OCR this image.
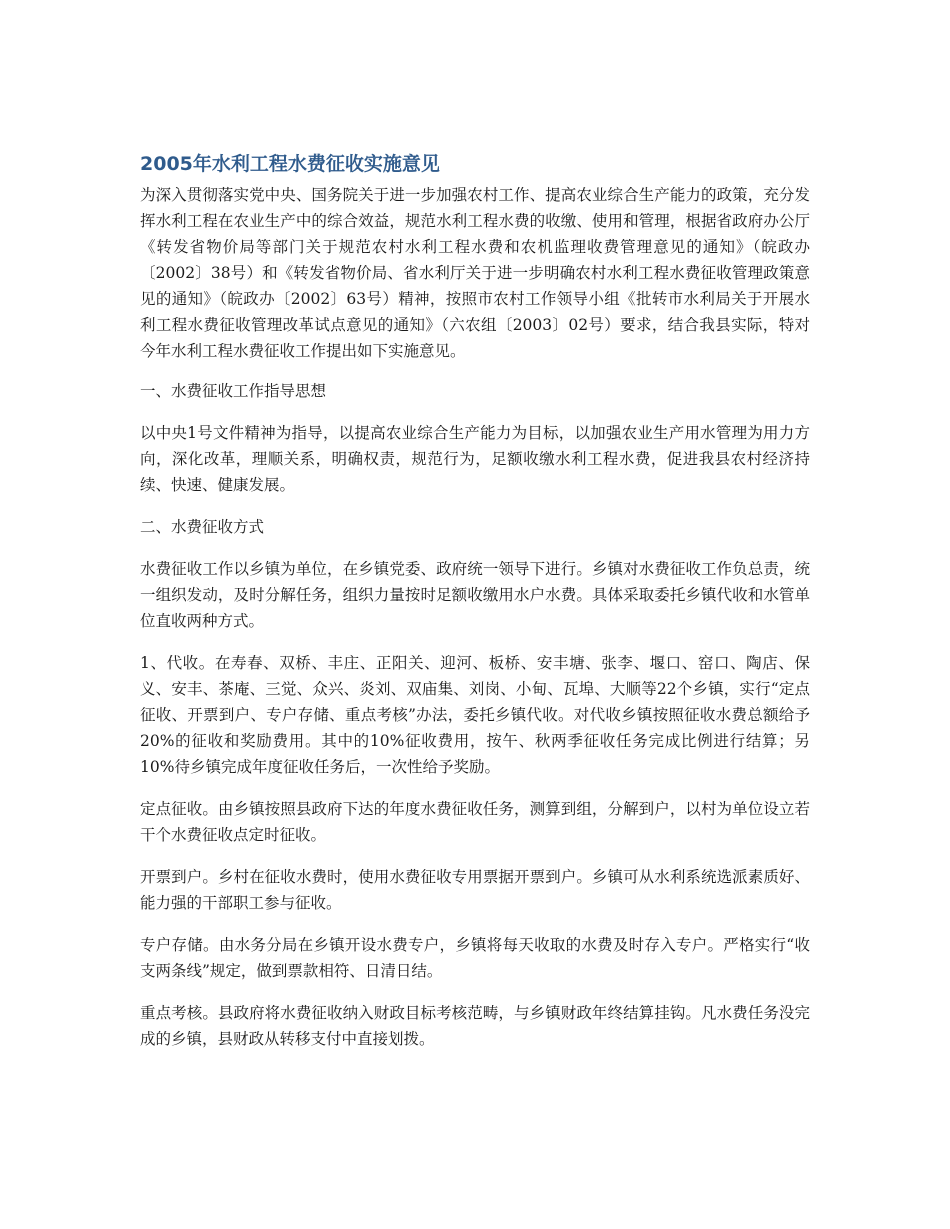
2005年水利工程水费征收实施意见

为深入贯彻落实党中央、国务院关于进一步加强农村工作、提高农业综合生产能力的政策，充分发挥水利工程在农业生产中的综合效益，规范水利工程水费的收缴、使用和管理，根据省政府办公厅《转发省物价局等部门关于规范农村水利工程水费和农机监理收费管理意见的通知》（皖政办〔2002〕38号）和《转发省物价局、省水利厅关于进一步明确农村水利工程水费征收管理政策意见的通知》（皖政办〔2002〕63号）精神，按照市农村工作领导小组《批转市水利局关于开展水利工程水费征收管理改革试点意见的通知》（六农组〔2003〕02号）要求，结合我县实际，特对今年水利工程水费征收工作提出如下实施意见。

一、水费征收工作指导思想

以中央1号文件精神为指导，以提高农业综合生产能力为目标，以加强农业生产用水管理为用力方向，深化改革，理顺关系，明确权责，规范行为，足额收缴水利工程水费，促进我县农村经济持续、快速、健康发展。

二、水费征收方式

水费征收工作以乡镇为单位，在乡镇党委、政府统一领导下进行。乡镇对水费征收工作负总责，统一组织发动，及时分解任务，组织力量按时足额收缴用水户水费。具体采取委托乡镇代收和水管单位直收两种方式。

1、代收。在寿春、双桥、丰庄、正阳关、迎河、板桥、安丰塘、张李、堰口、窑口、陶店、保义、安丰、茶庵、三觉、众兴、炎刘、双庙集、刘岗、小甸、瓦埠、大顺等22个乡镇，实行“定点征收、开票到户、专户存储、重点考核”办法，委托乡镇代收。对代收乡镇按照征收水费总额给予20%的征收和奖励费用。其中的10%征收费用，按午、秋两季征收任务完成比例进行结算；另10%待乡镇完成年度征收任务后，一次性给予奖励。

定点征收。由乡镇按照县政府下达的年度水费征收任务，测算到组，分解到户，以村为单位设立若干个水费征收点定时征收。

开票到户。乡村在征收水费时，使用水费征收专用票据开票到户。乡镇可从水利系统选派素质好、能力强的干部职工参与征收。

专户存储。由水务分局在乡镇开设水费专户，乡镇将每天收取的水费及时存入专户。严格实行“收支两条线”规定，做到票款相符、日清日结。

重点考核。县政府将水费征收纳入财政目标考核范畴，与乡镇财政年终结算挂钩。凡水费任务没完成的乡镇，县财政从转移支付中直接划拨。
